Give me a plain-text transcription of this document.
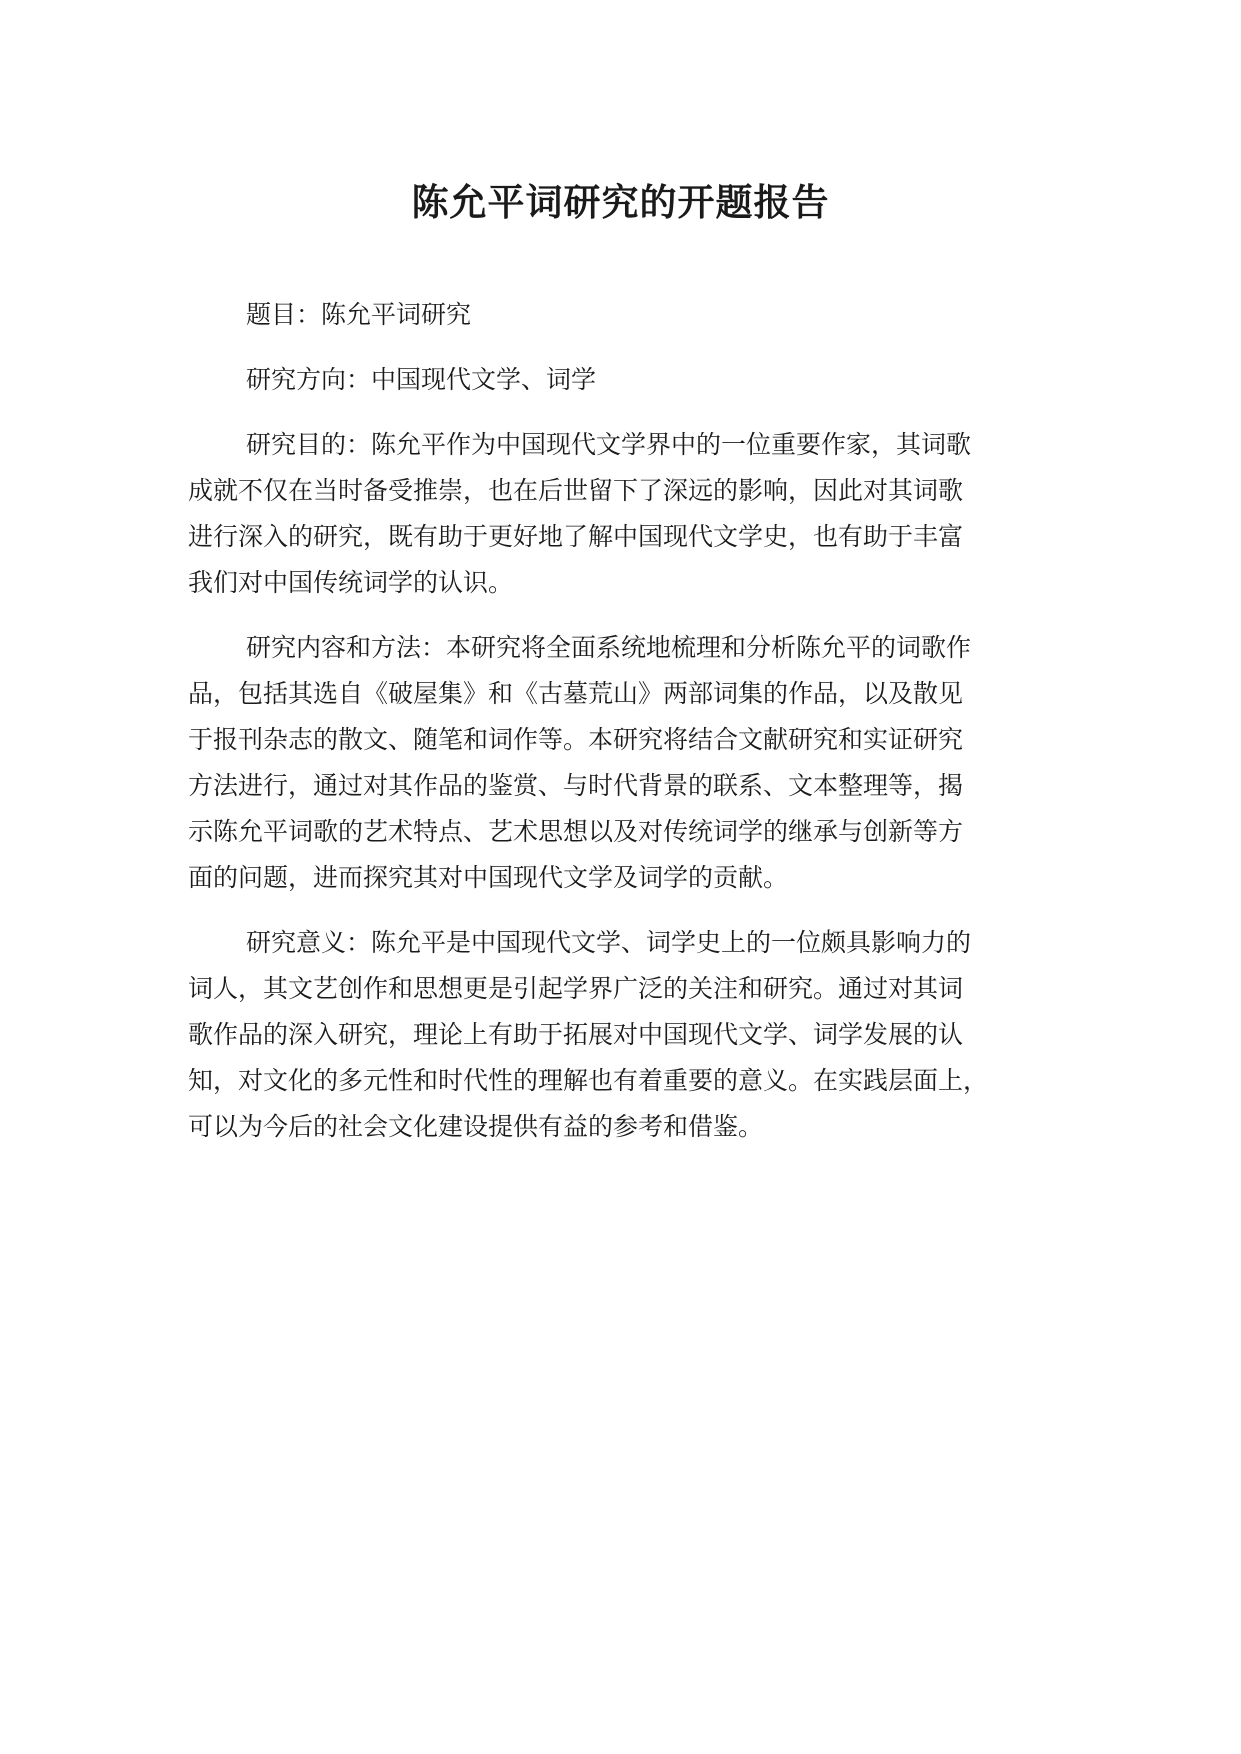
陈允平词研究的开题报告
题目：陈允平词研究
研究方向：中国现代文学、词学
研究目的：陈允平作为中国现代文学界中的一位重要作家，其词歌
成就不仅在当时备受推崇，也在后世留下了深远的影响，因此对其词歌
进行深入的研究，既有助于更好地了解中国现代文学史，也有助于丰富
我们对中国传统词学的认识。
研究内容和方法：本研究将全面系统地梳理和分析陈允平的词歌作
品，包括其选自《破屋集》和《古墓荒山》两部词集的作品，以及散见
于报刊杂志的散文、随笔和词作等。本研究将结合文献研究和实证研究
方法进行，通过对其作品的鉴赏、与时代背景的联系、文本整理等，揭
示陈允平词歌的艺术特点、艺术思想以及对传统词学的继承与创新等方
面的问题，进而探究其对中国现代文学及词学的贡献。
研究意义：陈允平是中国现代文学、词学史上的一位颇具影响力的
词人，其文艺创作和思想更是引起学界广泛的关注和研究。通过对其词
歌作品的深入研究，理论上有助于拓展对中国现代文学、词学发展的认
知，对文化的多元性和时代性的理解也有着重要的意义。在实践层面上，
可以为今后的社会文化建设提供有益的参考和借鉴。
